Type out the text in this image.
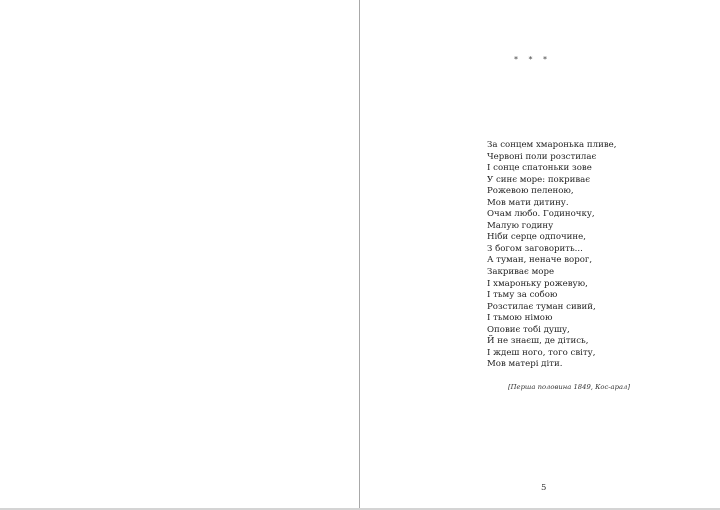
* * *
За сонцем хмаронька пливе,
Червоні поли розстилає
І сонце спатоньки зове
У синє море: покриває
Рожевою пеленою,
Мов мати дитину.
Очам любо. Годиночку,
Малую годину
Ніби серце одпочине,
З богом заговорить...
А туман, неначе ворог,
Закриває море
І хмароньку рожевую,
І тьму за собою
Розстилає туман сивий,
І тьмою німою
Оповиє тобі душу,
Й не знаєш, де дітись,
І ждеш ного, того світу,
Мов матері діти.
[Перша половина 1849, Кос-арал]
5
